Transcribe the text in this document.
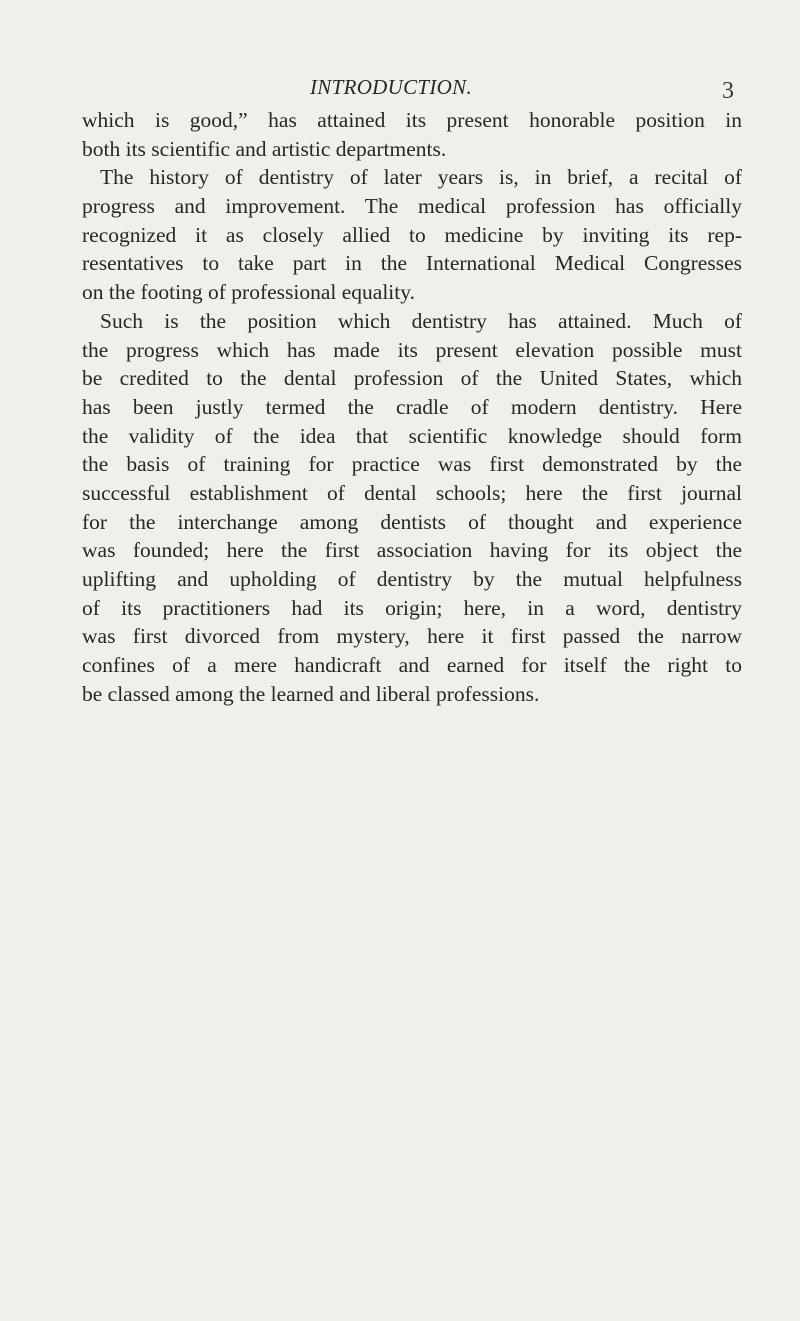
INTRODUCTION.	3
which is good,” has attained its present honorable position in
both its scientific and artistic departments.
The history of dentistry of later years is, in brief, a recital of
progress and improvement. The medical profession has officially
recognized it as closely allied to medicine by inviting its rep-
resentatives to take part in the International Medical Congresses
on the footing of professional equality.
Such is the position which dentistry has attained. Much of
the progress which has made its present elevation possible must
be credited to the dental profession of the United States, which
has been justly termed the cradle of modern dentistry. Here
the validity of the idea that scientific knowledge should form
the basis of training for practice was first demonstrated by the
successful establishment of dental schools; here the first journal
for the interchange among dentists of thought and experience
was founded; here the first association having for its object the
uplifting and upholding of dentistry by the mutual helpfulness
of its practitioners had its origin; here, in a word, dentistry
was first divorced from mystery, here it first passed the narrow
confines of a mere handicraft and earned for itself the right to
be classed among the learned and liberal professions.
